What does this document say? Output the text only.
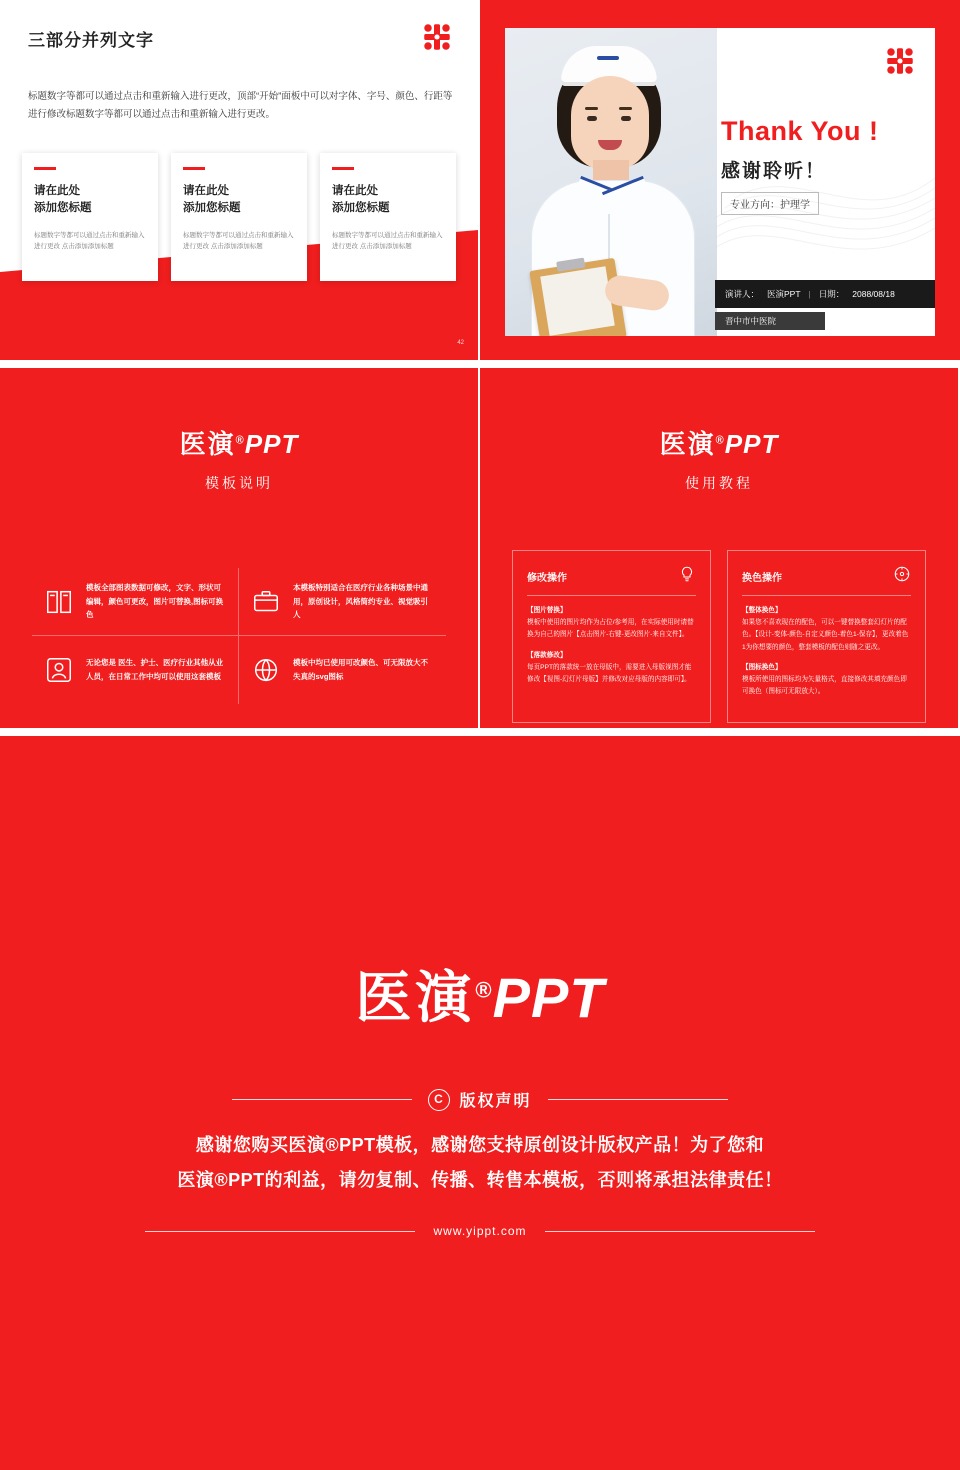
三部分并列文字
标题数字等都可以通过点击和重新输入进行更改，顶部“开始”面板中可以对字体、字号、颜色、行距等进行修改标题数字等都可以通过点击和重新输入进行更改。
请在此处
添加您标题
标题数字等都可以通过点击和重新输入进行更改 点击添加添加标题
请在此处
添加您标题
标题数字等都可以通过点击和重新输入进行更改 点击添加添加标题
请在此处
添加您标题
标题数字等都可以通过点击和重新输入进行更改 点击添加添加标题
42
Thank You !
感谢聆听！
专业方向：护理学
演讲人： 医演PPT | 日期： 2088/08/18
晋中市中医院
医演®PPT
模板说明
模板全部图表数据可修改，文字、形状可编辑，颜色可更改，图片可替换,图标可换色
本模板特别适合在医疗行业各种场景中通用，原创设计，风格简约专业、视觉吸引人
无论您是 医生、护士、医疗行业其他从业人员，在日常工作中均可以使用这套模板
模板中均已使用可改颜色、可无限放大不失真的svg图标
医演®PPT
使用教程
修改操作

【图片替换】
模板中使用的图片均作为占位/参考用，在实际使用时请替换为自己的图片【点击图片-右键-更改图片-来自文件】。

【落款修改】
每页PPT的落款统一放在母版中，需要进入母版视图才能修改【视图-幻灯片母版】并修改对应母版的内容即可】。

换色操作

【整体换色】
如果您不喜欢现在的配色，可以一键替换整套幻灯片的配色。【设计-变体-颜色-自定义颜色-着色1-保存】，更改着色1为你想要的颜色，整套模板的配色则随之更改。

【图标换色】
模板所使用的图标均为矢量格式，直接修改其填充颜色即可换色（图标可无限放大）。

医演®PPT
C 版权声明
感谢您购买医演®PPT模板，感谢您支持原创设计版权产品！为了您和
医演®PPT的利益，请勿复制、传播、转售本模板，否则将承担法律责任！
www.yippt.com
